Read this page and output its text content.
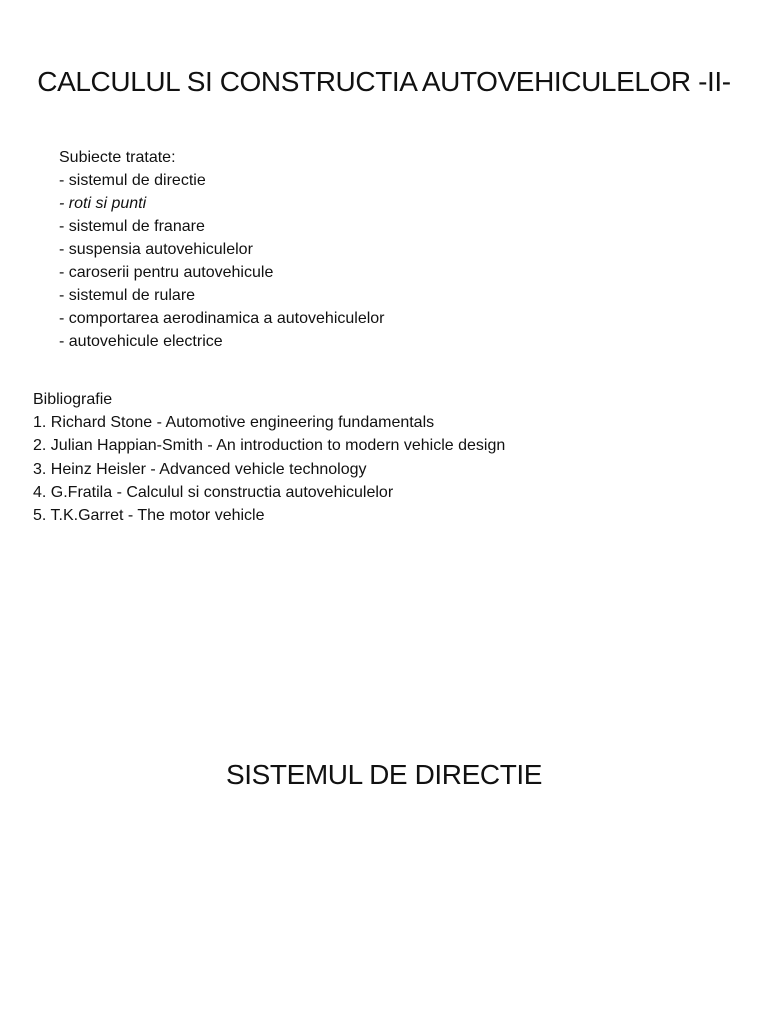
CALCULUL SI CONSTRUCTIA AUTOVEHICULELOR -II-
Subiecte tratate:
- sistemul de directie
- roti si punti
- sistemul de franare
- suspensia autovehiculelor
- caroserii pentru autovehicule
- sistemul de rulare
- comportarea aerodinamica a autovehiculelor
- autovehicule electrice
Bibliografie
1. Richard Stone - Automotive engineering fundamentals
2. Julian Happian-Smith - An introduction to modern vehicle design
3. Heinz Heisler - Advanced vehicle technology
4. G.Fratila - Calculul si constructia autovehiculelor
5. T.K.Garret - The motor vehicle
SISTEMUL DE DIRECTIE
